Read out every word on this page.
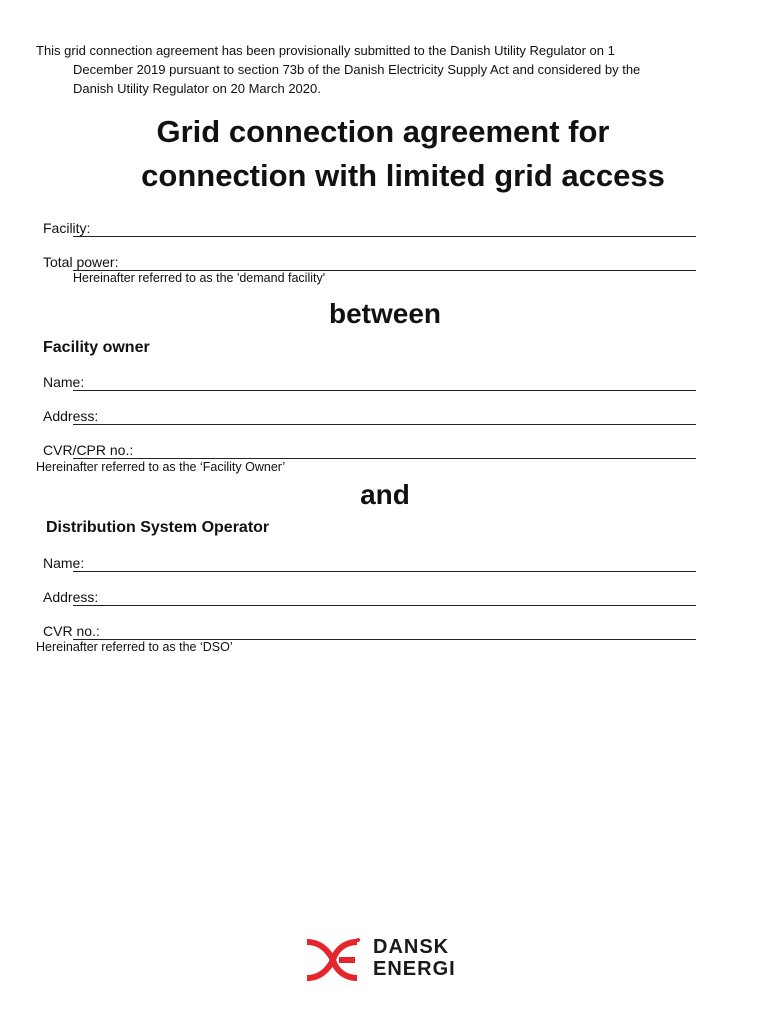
This grid connection agreement has been provisionally submitted to the Danish Utility Regulator on 1

December 2019 pursuant to section 73b of the Danish Electricity Supply Act and considered by the

Danish Utility Regulator on 20 March 2020.

Grid connection agreement for
connection with limited grid access
Facility:
Total power:
Hereinafter referred to as the 'demand facility'
between
Facility owner
Name:
Address:
CVR/CPR no.:
Hereinafter referred to as the ‘Facility Owner’
and
Distribution System Operator
Name:
Address:
CVR no.:
Hereinafter referred to as the ‘DSO’
DANSK
ENERGI
